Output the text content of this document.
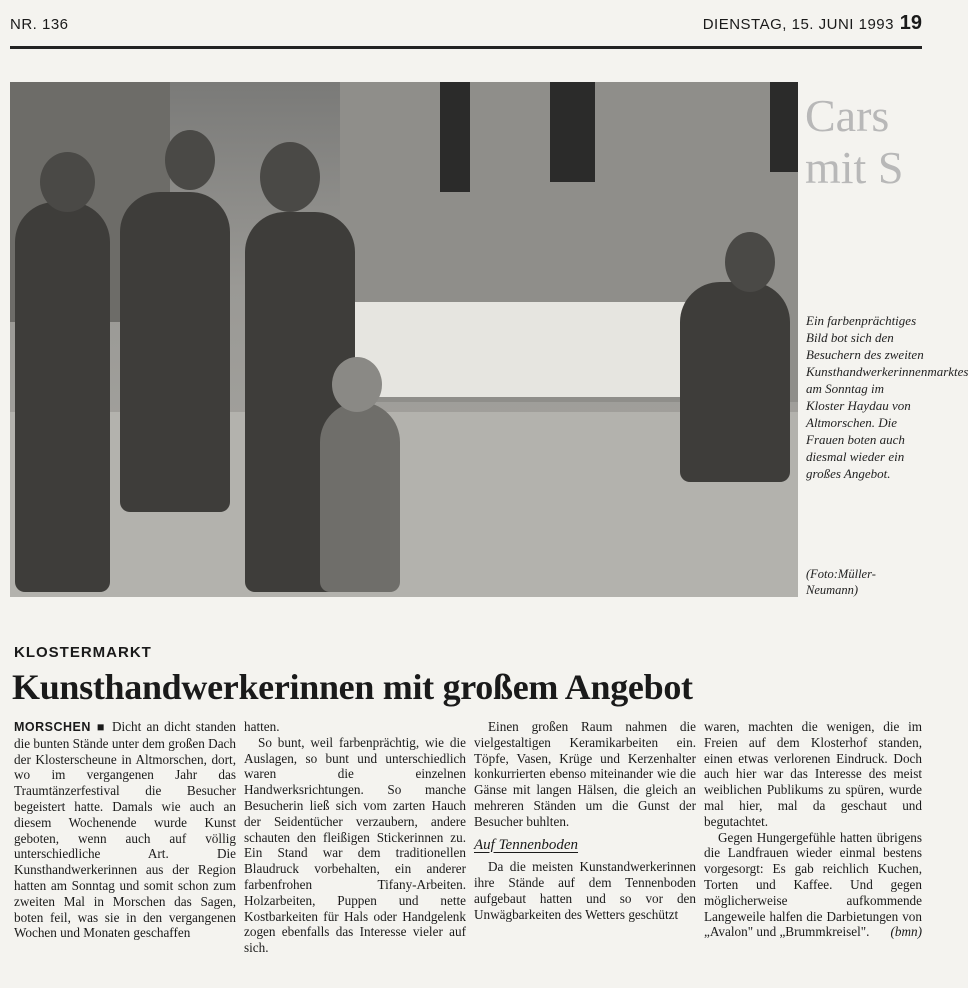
NR. 136	DIENSTAG, 15. JUNI 1993 19
Cars mit S
Ein farbenprächtiges Bild bot sich den Besuchern des zweiten Kunsthandwerkerinnenmarktes am Sonntag im Kloster Haydau von Altmorschen. Die Frauen boten auch diesmal wieder ein großes Angebot.
(Foto:Müller-Neumann)
KLOSTERMARKT
Kunsthandwerkerinnen mit großem Angebot

MORSCHEN ■ Dicht an dicht standen die bunten Stände unter dem großen Dach der Klosterscheune in Altmorschen, dort, wo im vergangenen Jahr das Traumtänzerfestival die Besucher begeistert hatte. Damals wie auch an diesem Wochenende wurde Kunst geboten, wenn auch auf völlig unterschiedliche Art. Die Kunsthandwerkerinnen aus der Region hatten am Sonntag und somit schon zum zweiten Mal in Morschen das Sagen, boten feil, was sie in den vergangenen Wochen und Monaten geschaffen

hatten.

So bunt, weil farbenprächtig, wie die Auslagen, so bunt und unterschiedlich waren die einzelnen Handwerksrichtungen. So manche Besucherin ließ sich vom zarten Hauch der Seidentücher verzaubern, andere schauten den fleißigen Stickerinnen zu. Ein Stand war dem traditionellen Blaudruck vorbehalten, ein anderer farbenfrohen Tifany-Arbeiten. Holzarbeiten, Puppen und nette Kostbarkeiten für Hals oder Handgelenk zogen ebenfalls das Interesse vieler auf sich.

Einen großen Raum nahmen die vielgestaltigen Keramikarbeiten ein. Töpfe, Vasen, Krüge und Kerzenhalter konkurrierten ebenso miteinander wie die Gänse mit langen Hälsen, die gleich an mehreren Ständen um die Gunst der Besucher buhlten.

Auf Tennenboden

Da die meisten Kunstandwerkerinnen ihre Stände auf dem Tennenboden aufgebaut hatten und so vor den Unwägbarkeiten des Wetters geschützt

waren, machten die wenigen, die im Freien auf dem Klosterhof standen, einen etwas verlorenen Eindruck. Doch auch hier war das Interesse des meist weiblichen Publikums zu spüren, wurde mal hier, mal da geschaut und begutachtet.

Gegen Hungergefühle hatten übrigens die Landfrauen wieder einmal bestens vorgesorgt: Es gab reichlich Kuchen, Torten und Kaffee. Und gegen möglicherweise aufkommende Langeweile halfen die Darbietungen von „Avalon" und „Brummkreisel".	(bmn)
